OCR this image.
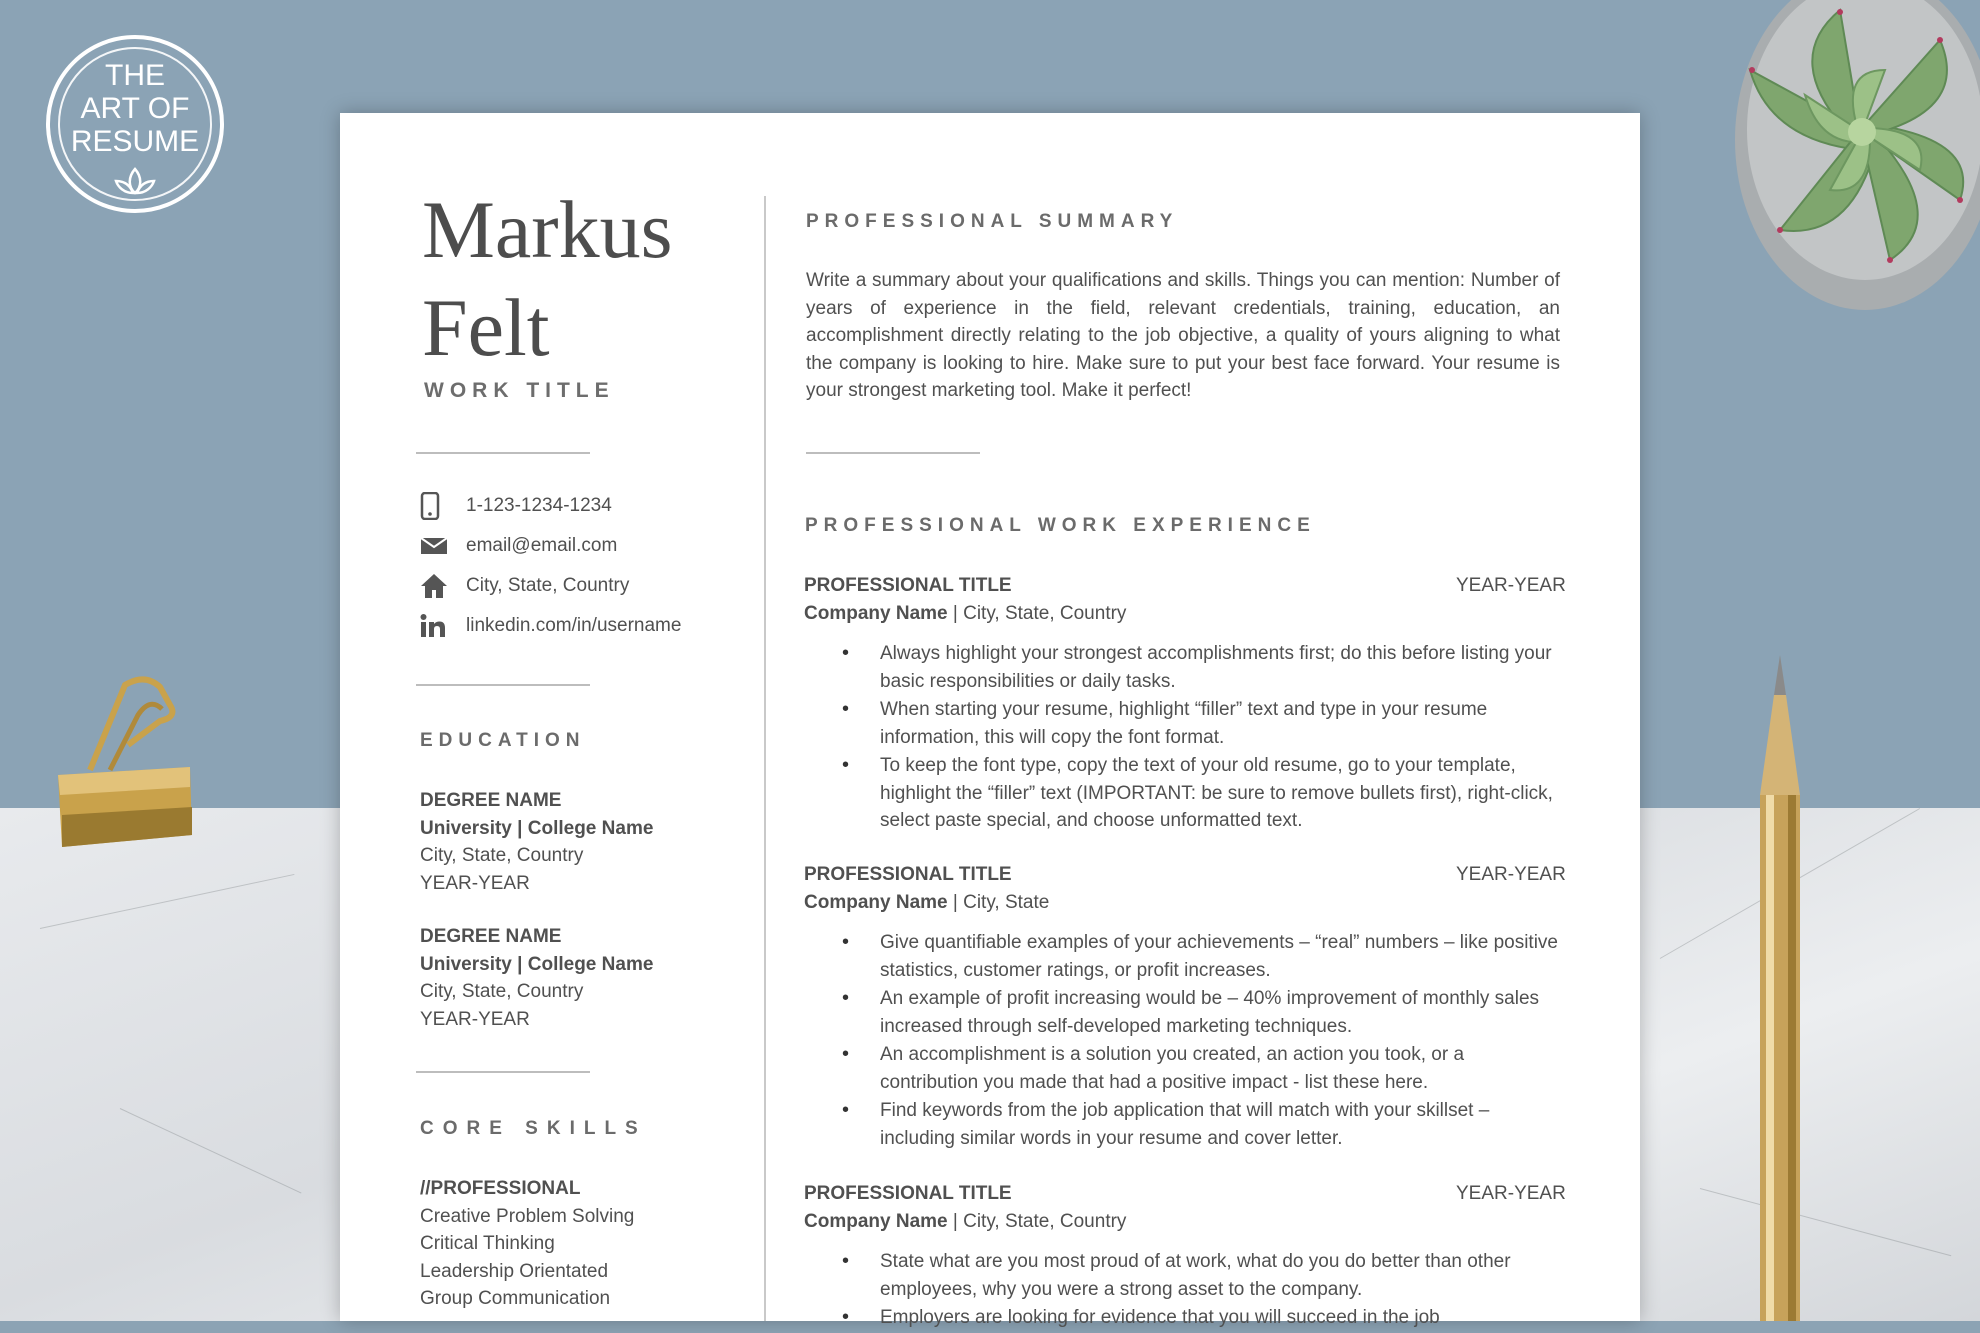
THE
ART OF
RESUME
Markus
Felt
WORK TITLE
1-123-1234-1234
email@email.com
City, State, Country
linkedin.com/in/username
EDUCATION
DEGREE NAME
University | College Name
City, State, Country
YEAR-YEAR
DEGREE NAME
University | College Name
City, State, Country
YEAR-YEAR
CORE SKILLS
//PROFESSIONAL
Creative Problem Solving
Critical Thinking
Leadership Orientated
Group Communication
PROFESSIONAL SUMMARY
Write a summary about your qualifications and skills. Things you can mention: Number of years of experience in the field, relevant credentials, training, education, an accomplishment directly relating to the job objective, a quality of yours aligning to what the company is looking to hire. Make sure to put your best face forward. Your resume is your strongest marketing tool. Make it perfect!
PROFESSIONAL WORK EXPERIENCE
PROFESSIONAL TITLE	YEAR-YEAR
Company Name | City, State, Country
• Always highlight your strongest accomplishments first; do this before listing your basic responsibilities or daily tasks.
• When starting your resume, highlight “filler” text and type in your resume information, this will copy the font format.
• To keep the font type, copy the text of your old resume, go to your template, highlight the “filler” text (IMPORTANT: be sure to remove bullets first), right-click, select paste special, and choose unformatted text.
PROFESSIONAL TITLE	YEAR-YEAR
Company Name | City, State
• Give quantifiable examples of your achievements – “real” numbers – like positive statistics, customer ratings, or profit increases.
• An example of profit increasing would be – 40% improvement of monthly sales increased through self-developed marketing techniques.
• An accomplishment is a solution you created, an action you took, or a contribution you made that had a positive impact - list these here.
• Find keywords from the job application that will match with your skillset – including similar words in your resume and cover letter.
PROFESSIONAL TITLE	YEAR-YEAR
Company Name | City, State, Country
• State what are you most proud of at work, what do you do better than other employees, why you were a strong asset to the company.
• Employers are looking for evidence that you will succeed in the job
